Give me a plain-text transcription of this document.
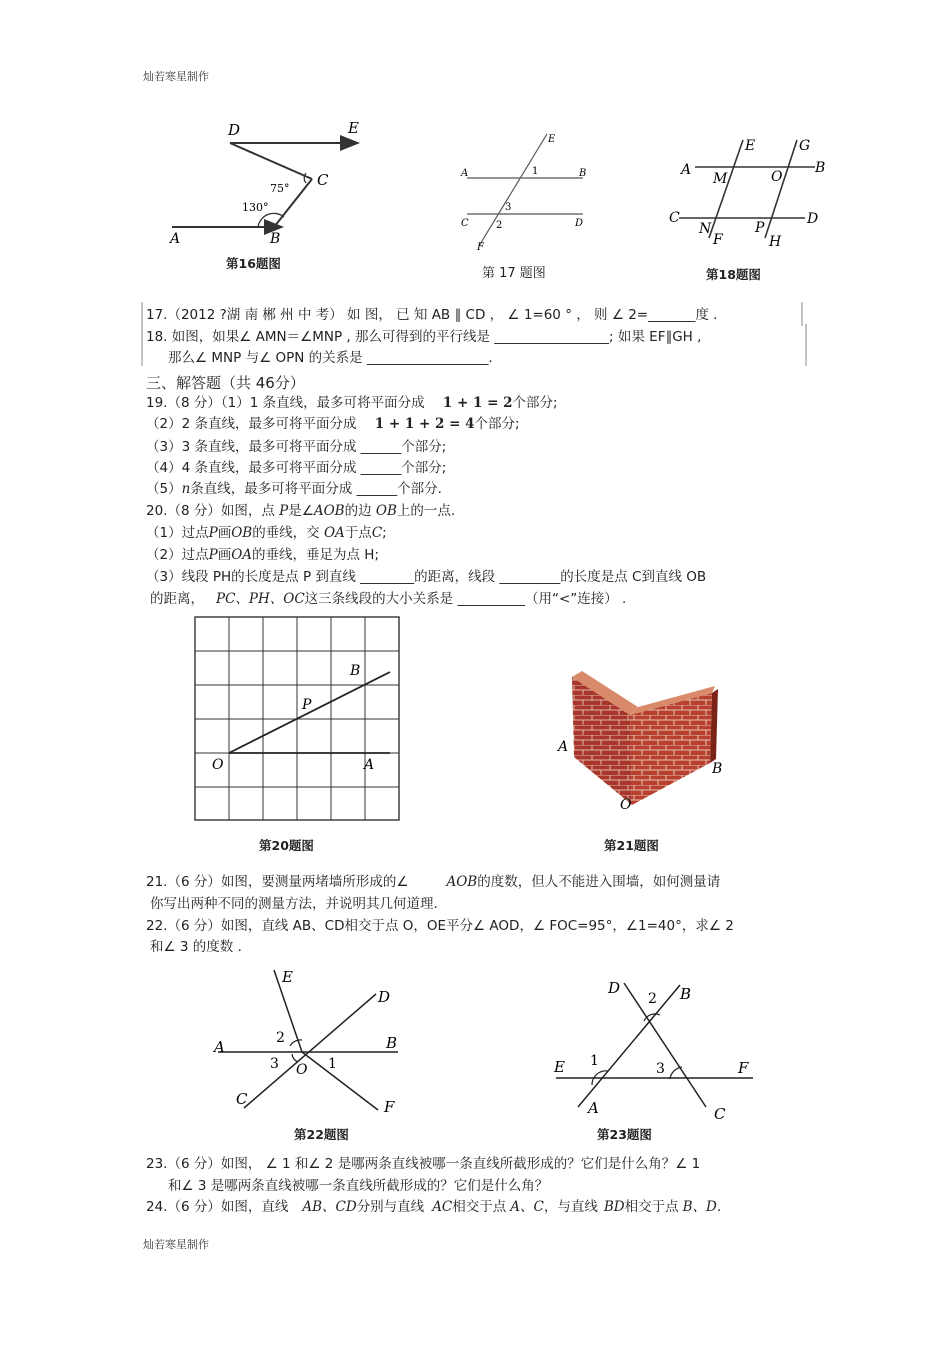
灿若寒星制作
灿若寒星制作
D	E
C
A	B
75°
130°
第16题图
A	B
C	D
E
F
1
3
2
第 17 题图
A	B
C	D
E	G
M	O
N
F
P
H
第18题图
17.（2012 ?湖 南 郴 州 中 考） 如 图， 已 知 AB ∥ CD ， ∠ 1=60 ° ， 则 ∠ 2=_______度 .
18. 如图，如果∠ AMN＝∠MNP , 那么可得到的平行线是 _________________; 如果 EF∥GH ,
那么∠ MNP 与∠ OPN 的关系是 __________________.
三、解答题（共 46分）
19.（8 分）（1）1 条直线，最多可将平面分成 1 + 1 = 2个部分;
（2）2 条直线，最多可将平面分成 1 + 1 + 2 = 4个部分;
（3）3 条直线，最多可将平面分成 ______个部分;
（4）4 条直线，最多可将平面分成 ______个部分;
（5）n条直线，最多可将平面分成 ______个部分.
20.（8 分）如图，点 P是∠AOB的边 OB上的一点.
（1）过点P画OB的垂线，交 OA于点C;
（2）过点P画OA的垂线，垂足为点 H;
（3）线段 PH的长度是点 P 到直线 ________的距离，线段 _________的长度是点 C到直线 OB
的距离， PC、PH、OC这三条线段的大小关系是 __________（用“<”连接） .
B
P
O	A
第20题图
A
B
O
第21题图
21.（6 分）如图，要测量两堵墙所形成的∠	AOB的度数，但人不能进入围墙，如何测量请
你写出两种不同的测量方法，并说明其几何道理.
22.（6 分）如图，直线 AB、CD相交于点 O，OE平分∠ AOD，∠ FOC=95°，∠1=40°，求∠ 2
和∠ 3 的度数 .
E
D
A	B
C	F
O
2
3	1
第22题图
D
2 B
E 1	3	F
A	C
第23题图
23.（6 分）如图， ∠ 1 和∠ 2 是哪两条直线被哪一条直线所截形成的？它们是什么角？∠ 1
和∠ 3 是哪两条直线被哪一条直线所截形成的？它们是什么角？
24.（6 分）如图，直线 AB、CD分别与直线 AC相交于点 A、C，与直线 BD相交于点 B、D.
